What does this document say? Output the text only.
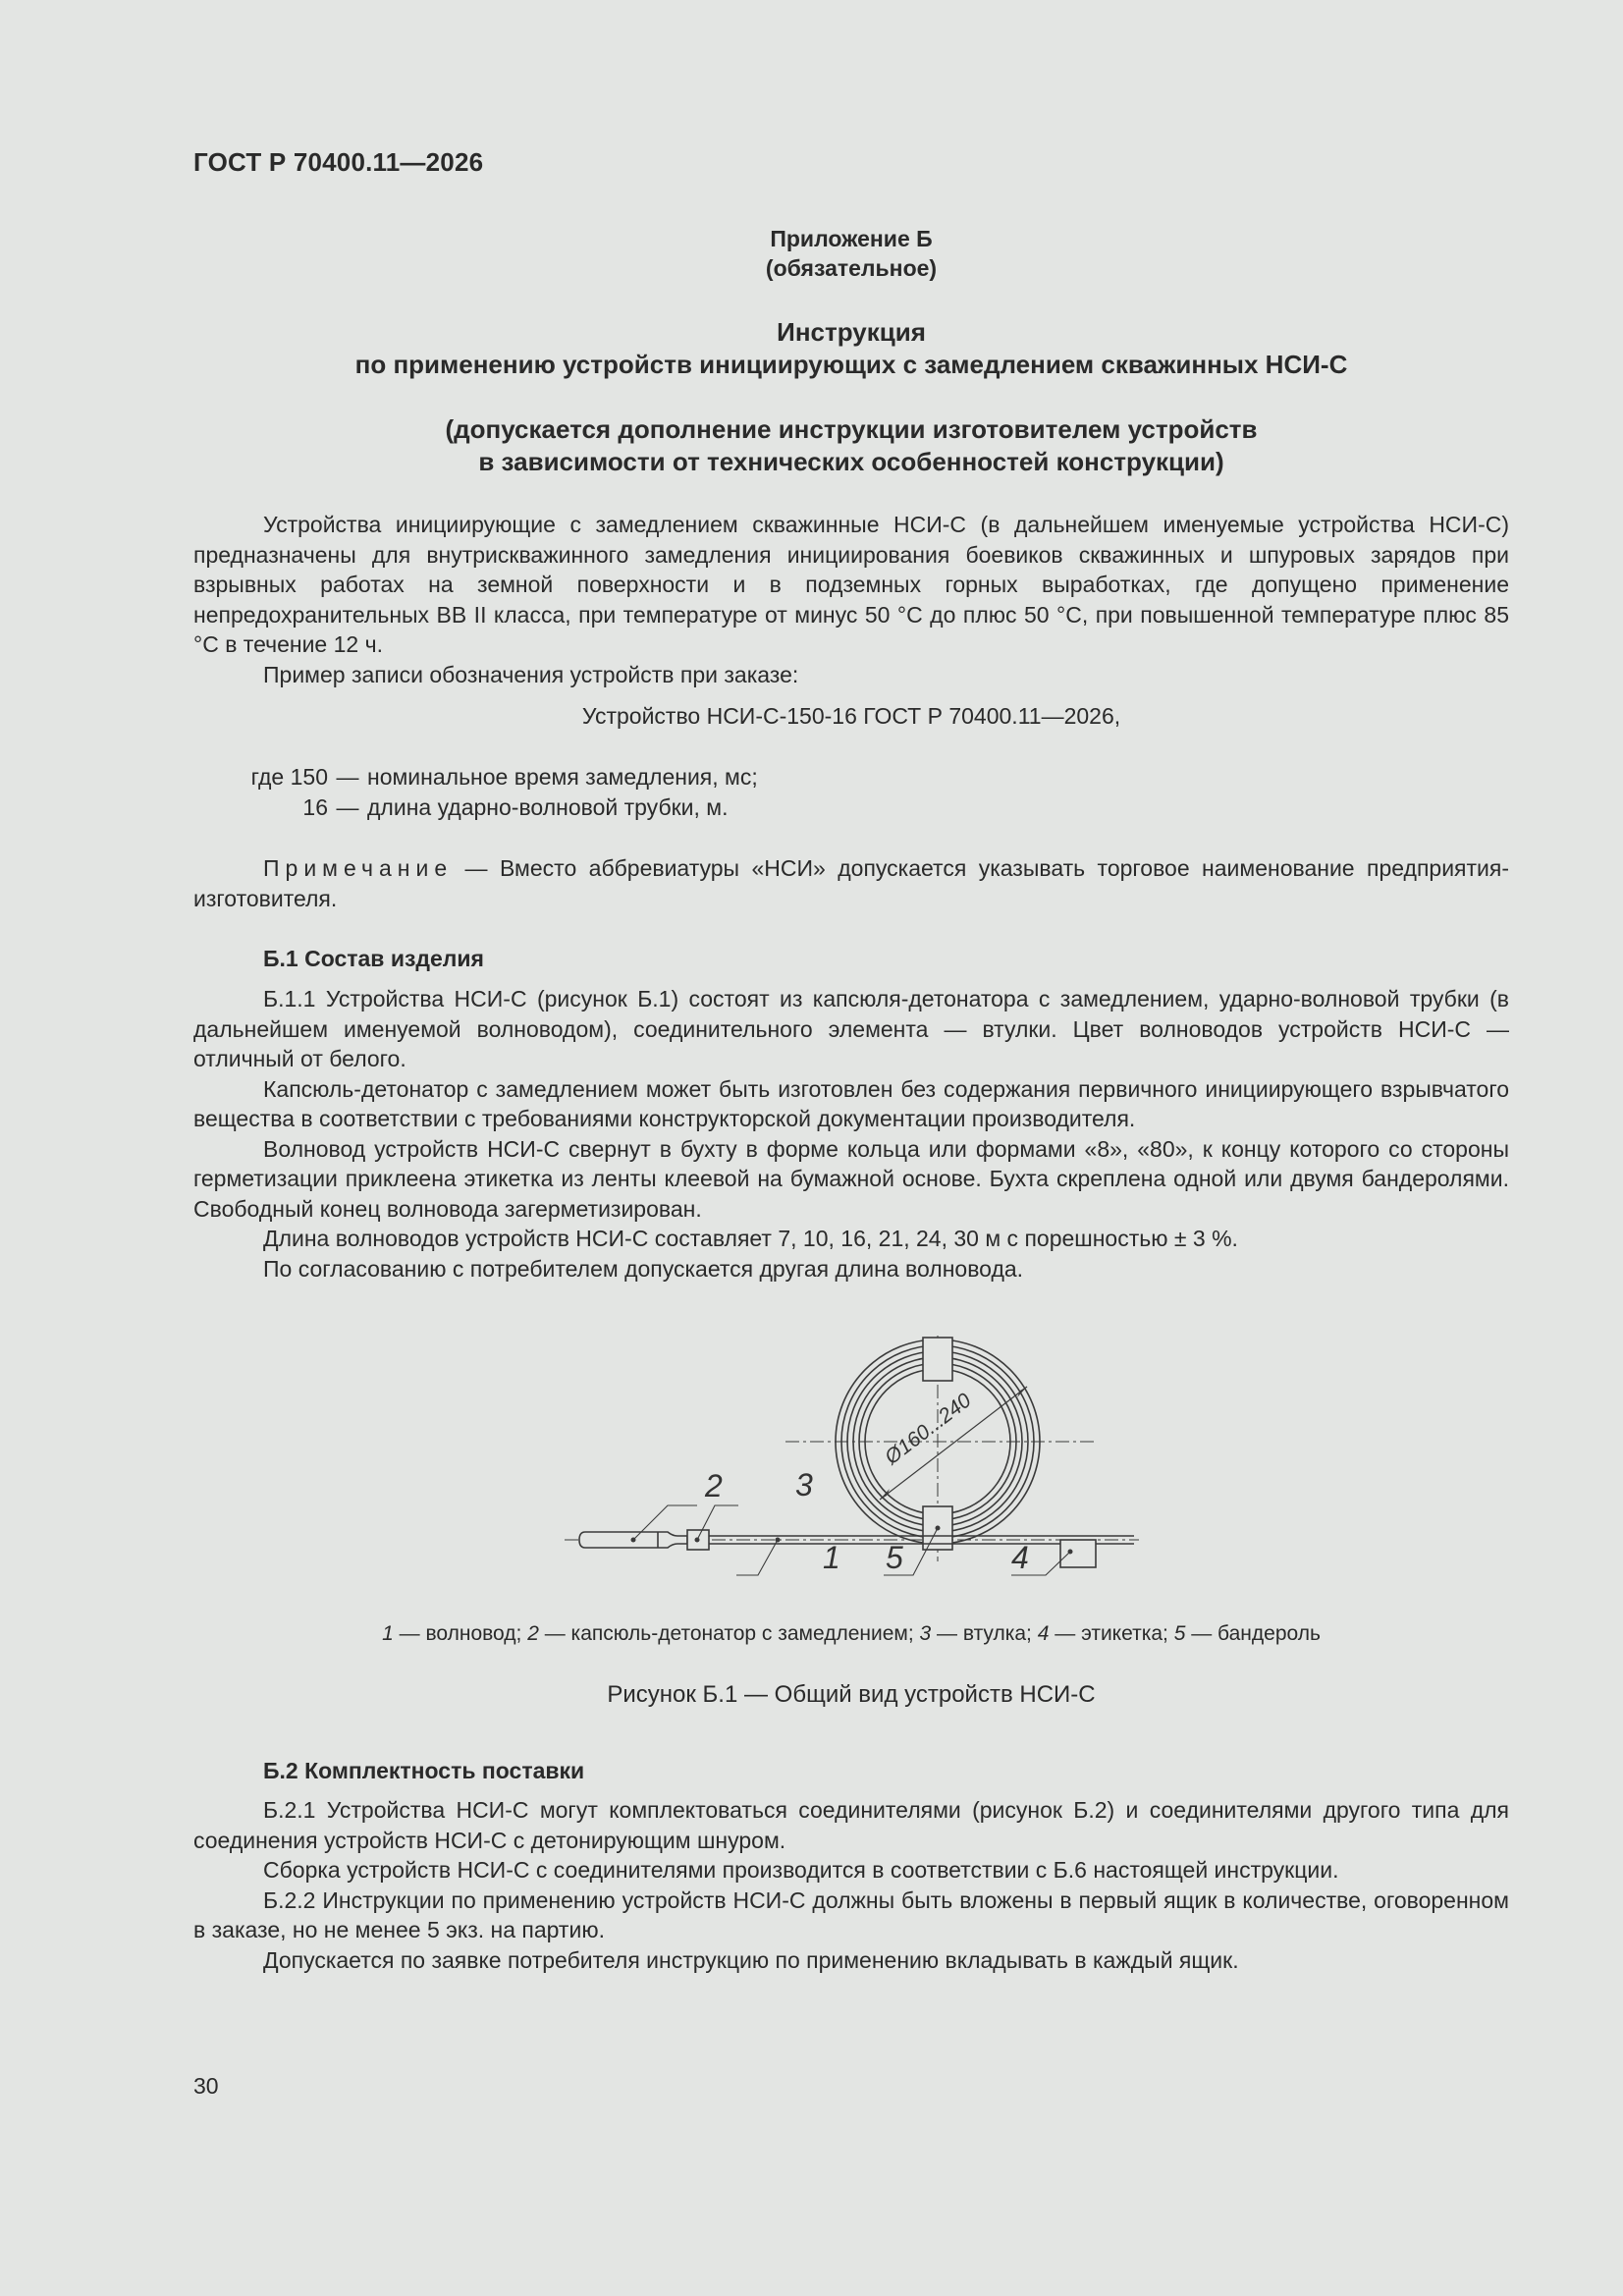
ГОСТ Р 70400.11—2026
Приложение Б
(обязательное)
Инструкция
по применению устройств инициирующих с замедлением скважинных НСИ-С
(допускается дополнение инструкции изготовителем устройств
в зависимости от технических особенностей конструкции)

Устройства инициирующие с замедлением скважинные НСИ-С (в дальнейшем именуемые устройства НСИ-С) предназначены для внутрискважинного замедления инициирования боевиков скважинных и шпуровых зарядов при взрывных работах на земной поверхности и в подземных горных выработках, где допущено применение непредохранительных ВВ II класса, при температуре от минус 50 °С до плюс 50 °С, при повышенной температуре плюс 85 °С в течение 12 ч.

Пример записи обозначения устройств при заказе:

Устройство НСИ-С-150-16 ГОСТ Р 70400.11—2026,
где 150 — номинальное время замедления, мс;
16 — длина ударно-волновой трубки, м.

Примечание — Вместо аббревиатуры «НСИ» допускается указывать торговое наименование предприятия-изготовителя.

Б.1 Состав изделия

Б.1.1 Устройства НСИ-С (рисунок Б.1) состоят из капсюля-детонатора с замедлением, ударно-волновой трубки (в дальнейшем именуемой волноводом), соединительного элемента — втулки. Цвет волноводов устройств НСИ-С — отличный от белого.

Капсюль-детонатор с замедлением может быть изготовлен без содержания первичного инициирующего взрывчатого вещества в соответствии с требованиями конструкторской документации производителя.

Волновод устройств НСИ-С свернут в бухту в форме кольца или формами «8», «80», к концу которого со стороны герметизации приклеена этикетка из ленты клеевой на бумажной основе. Бухта скреплена одной или двумя бандеролями. Свободный конец волновода загерметизирован.

Длина волноводов устройств НСИ-С составляет 7, 10, 16, 21, 24, 30 м с порешностью ± 3 %.

По согласованию с потребителем допускается другая длина волновода.

2 3
1 5	4
Ø160...240
1 — волновод; 2 — капсюль-детонатор с замедлением; 3 — втулка; 4 — этикетка; 5 — бандероль
Рисунок Б.1 — Общий вид устройств НСИ-С
Б.2 Комплектность поставки

Б.2.1 Устройства НСИ-С могут комплектоваться соединителями (рисунок Б.2) и соединителями другого типа для соединения устройств НСИ-С с детонирующим шнуром.

Сборка устройств НСИ-С с соединителями производится в соответствии с Б.6 настоящей инструкции.

Б.2.2 Инструкции по применению устройств НСИ-С должны быть вложены в первый ящик в количестве, оговоренном в заказе, но не менее 5 экз. на партию.

Допускается по заявке потребителя инструкцию по применению вкладывать в каждый ящик.

30
